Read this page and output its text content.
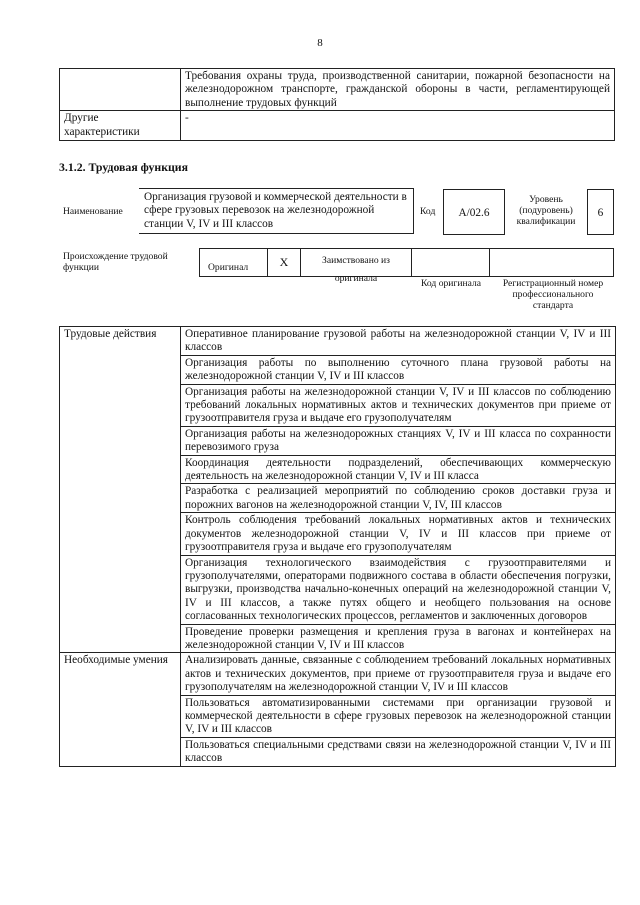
8
	Требования охраны труда, производственной санитарии, пожарной безопасности на железнодорожном транспорте, гражданской обороны в части, регламентирующей выполнение трудовых функций
Другие характеристики	-
3.1.2. Трудовая функция
Наименование
Организация грузовой и коммерческой деятельности в сфере грузовых перевозок на железнодорожной станции V, IV и III классов
Код	А/02.6
Уровень (подуровень) квалификации
6
Происхождение трудовой функции	Оригинал	X	Заимствовано из оригинала	Код оригинала	Регистрационный номер профессионального стандарта
Трудовые действия	Оперативное планирование грузовой работы на железнодорожной станции V, IV и III классов
	Организация работы по выполнению суточного плана грузовой работы на железнодорожной станции V, IV и III классов
	Организация работы на железнодорожной станции V, IV и III классов по соблюдению требований локальных нормативных актов и технических документов при приеме от грузоотправителя груза и выдаче его грузополучателям
	Организация работы на железнодорожных станциях V, IV и III класса по сохранности перевозимого груза
	Координация деятельности подразделений, обеспечивающих коммерческую деятельность на железнодорожной станции V, IV и III класса
	Разработка с реализацией мероприятий по соблюдению сроков доставки груза и порожних вагонов на железнодорожной станции V, IV, III классов
	Контроль соблюдения требований локальных нормативных актов и технических документов железнодорожной станции V, IV и III классов при приеме от грузоотправителя груза и выдаче его грузополучателям
	Организация технологического взаимодействия с грузоотправителями и грузополучателями, операторами подвижного состава в области обеспечения погрузки, выгрузки, производства начально-конечных операций на железнодорожной станции V, IV и III классов, а также путях общего и необщего пользования на основе согласованных технологических процессов, регламентов и заключенных договоров
	Проведение проверки размещения и крепления груза в вагонах и контейнерах на железнодорожной станции V, IV и III классов
Необходимые умения	Анализировать данные, связанные с соблюдением требований локальных нормативных актов и технических документов, при приеме от грузоотправителя груза и выдаче его грузополучателям на железнодорожной станции V, IV и III классов
	Пользоваться автоматизированными системами при организации грузовой и коммерческой деятельности в сфере грузовых перевозок на железнодорожной станции V, IV и III классов
	Пользоваться специальными средствами связи на железнодорожной станции V, IV и III классов
